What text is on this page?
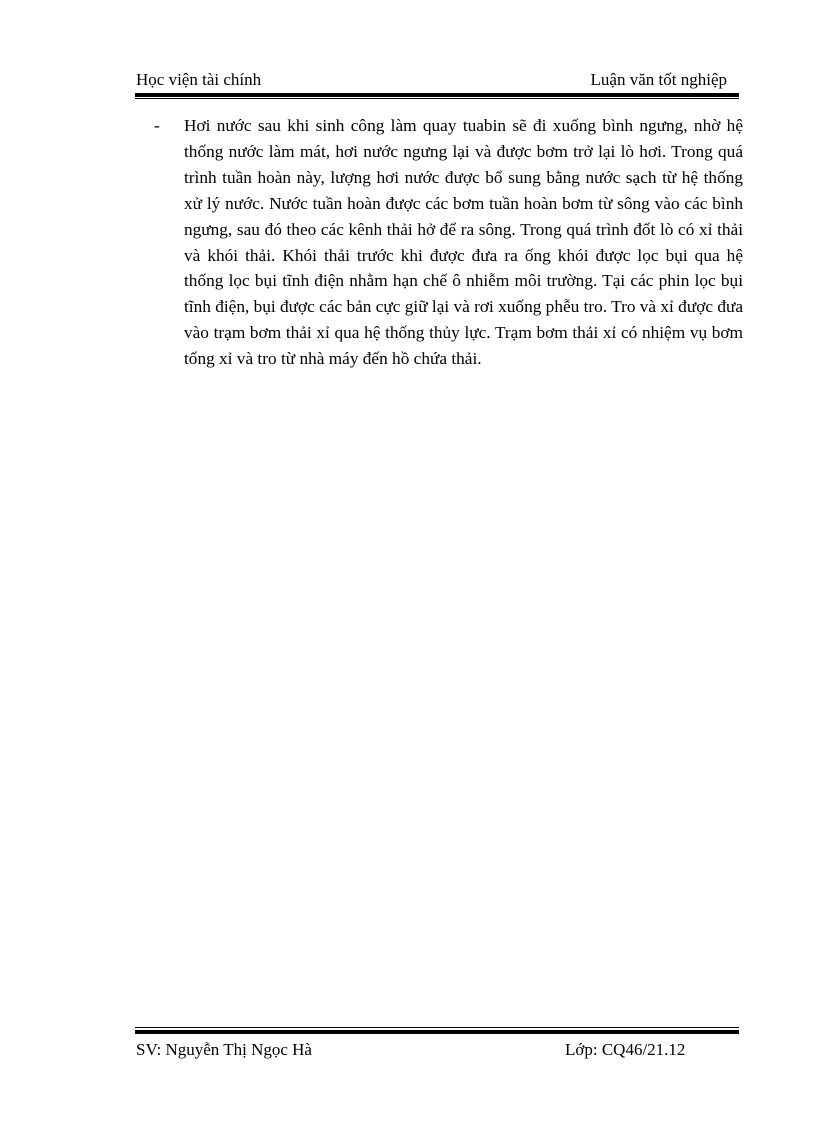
Học viện tài chính	Luận văn tốt nghiệp
- Hơi nước sau khi sinh công làm quay tuabin sẽ đi xuống bình ngưng, nhờ hệ thống nước làm mát, hơi nước ngưng lại và được bơm trở lại lò hơi. Trong quá trình tuần hoàn này, lượng hơi nước được bổ sung bằng nước sạch từ hệ thống xử lý nước. Nước tuần hoàn được các bơm tuần hoàn bơm từ sông vào các bình ngưng, sau đó theo các kênh thải hở để ra sông. Trong quá trình đốt lò có xỉ thải và khói thải. Khói thải trước khi được đưa ra ống khói được lọc bụi qua hệ thống lọc bụi tĩnh điện nhằm hạn chế ô nhiễm môi trường. Tại các phin lọc bụi tĩnh điện, bụi được các bản cực giữ lại và rơi xuống phễu tro. Tro và xỉ được đưa vào trạm bơm thải xỉ qua hệ thống thủy lực. Trạm bơm thải xỉ có nhiệm vụ bơm tống xỉ và tro từ nhà máy đến hồ chứa thải.
SV: Nguyễn Thị Ngọc Hà	Lớp: CQ46/21.12
